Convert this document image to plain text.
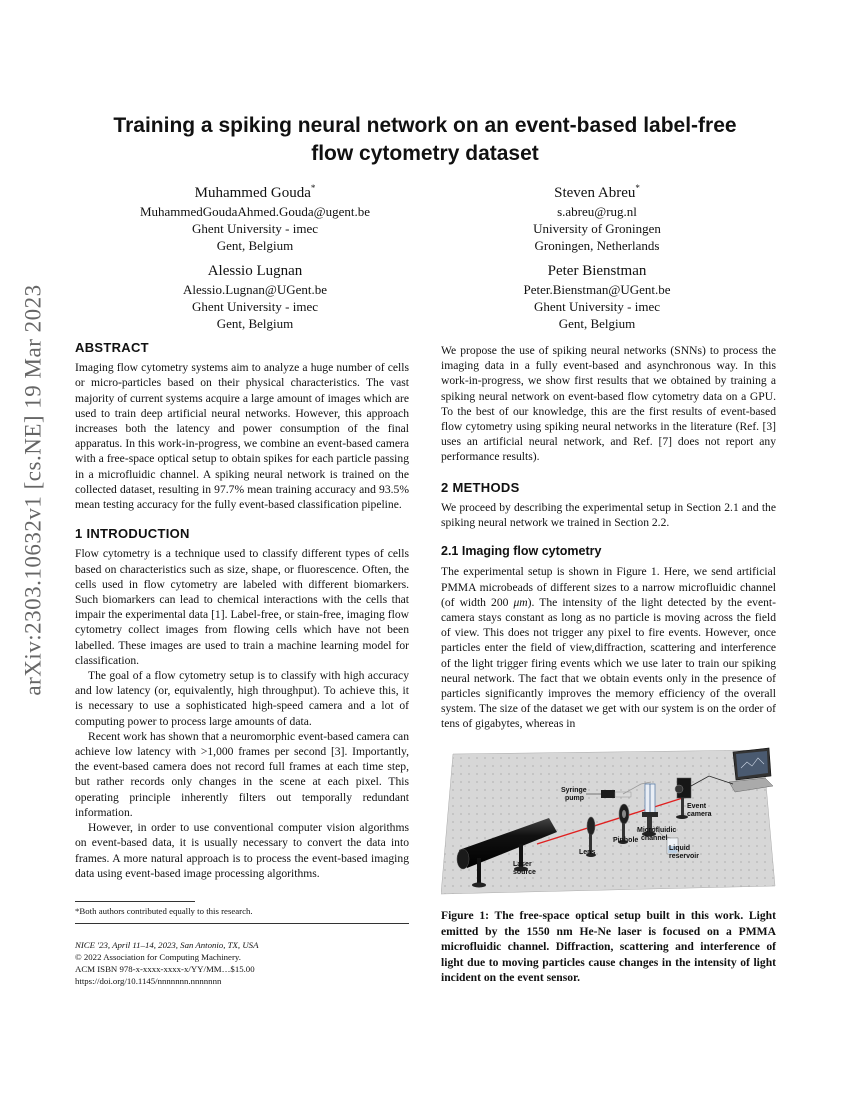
arXiv:2303.10632v1 [cs.NE] 19 Mar 2023
Training a spiking neural network on an event-based label-free
flow cytometry dataset
Muhammed Gouda*
MuhammedGoudaAhmed.Gouda@ugent.be
Ghent University - imec
Gent, Belgium
Steven Abreu*
s.abreu@rug.nl
University of Groningen
Groningen, Netherlands
Alessio Lugnan
Alessio.Lugnan@UGent.be
Ghent University - imec
Gent, Belgium
Peter Bienstman
Peter.Bienstman@UGent.be
Ghent University - imec
Gent, Belgium
ABSTRACT

Imaging flow cytometry systems aim to analyze a huge number of cells or micro-particles based on their physical characteristics. The vast majority of current systems acquire a large amount of images which are used to train deep artificial neural networks. However, this approach increases both the latency and power consumption of the final apparatus. In this work-in-progress, we combine an event-based camera with a free-space optical setup to obtain spikes for each particle passing in a microfluidic channel. A spiking neural network is trained on the collected dataset, resulting in 97.7% mean training accuracy and 93.5% mean testing accuracy for the fully event-based classification pipeline.

1 INTRODUCTION

Flow cytometry is a technique used to classify different types of cells based on characteristics such as size, shape, or fluorescence. Often, the cells used in flow cytometry are labeled with different biomarkers. Such biomarkers can lead to chemical interactions with the cells that impair the experimental data [1]. Label-free, or stain-free, imaging flow cytometry collect images from flowing cells which have not been labelled. These images are used to train a machine learning model for classification.

The goal of a flow cytometry setup is to classify with high accuracy and low latency (or, equivalently, high throughput). To achieve this, it is necessary to use a sophisticated high-speed camera and a lot of computing power to process large amounts of data.

Recent work has shown that a neuromorphic event-based camera can achieve low latency with >1,000 frames per second [3]. Importantly, the event-based camera does not record full frames at each time step, but rather records only changes in the scene at each pixel. This operating principle inherently filters out temporally redundant information.

However, in order to use conventional computer vision algorithms on event-based data, it is usually necessary to convert the data into frames. A more natural approach is to process the event-based imaging data using event-based image processing algorithms.

*Both authors contributed equally to this research.
NICE '23, April 11–14, 2023, San Antonio, TX, USA
© 2022 Association for Computing Machinery.
ACM ISBN 978-x-xxxx-xxxx-x/YY/MM…$15.00
https://doi.org/10.1145/nnnnnnn.nnnnnnn

We propose the use of spiking neural networks (SNNs) to process the imaging data in a fully event-based and asynchronous way. In this work-in-progress, we show first results that we obtained by training a spiking neural network on event-based flow cytometry data on a GPU. To the best of our knowledge, this are the first results of event-based flow cytometry using spiking neural networks in the literature (Ref. [3] uses an artificial neural network, and Ref. [7] does not report any performance results).

2 METHODS

We proceed by describing the experimental setup in Section 2.1 and the spiking neural network we trained in Section 2.2.

2.1 Imaging flow cytometry

The experimental setup is shown in Figure 1. Here, we send artificial PMMA microbeads of different sizes to a narrow microfluidic channel (of width 200 μm). The intensity of the light detected by the event-camera stays constant as long as no particle is moving across the field of view. This does not trigger any pixel to fire events. However, once particles enter the field of view,diffraction, scattering and interference of the light trigger firing events which we use later to train our spiking neural network. The fact that we obtain events only in the presence of particles significantly improves the memory efficiency of the overall system. The size of the dataset we get with our system is on the order of tens of gigabytes, whereas in

Syringe pump
Event camera
Pinhole
Microfluidic channel
Lens
Liquid reservoir
Laser source
Figure 1: The free-space optical setup built in this work. Light emitted by the 1550 nm He-Ne laser is focused on a PMMA microfluidic channel. Diffraction, scattering and interference of light due to moving particles cause changes in the intensity of light incident on the event sensor.
